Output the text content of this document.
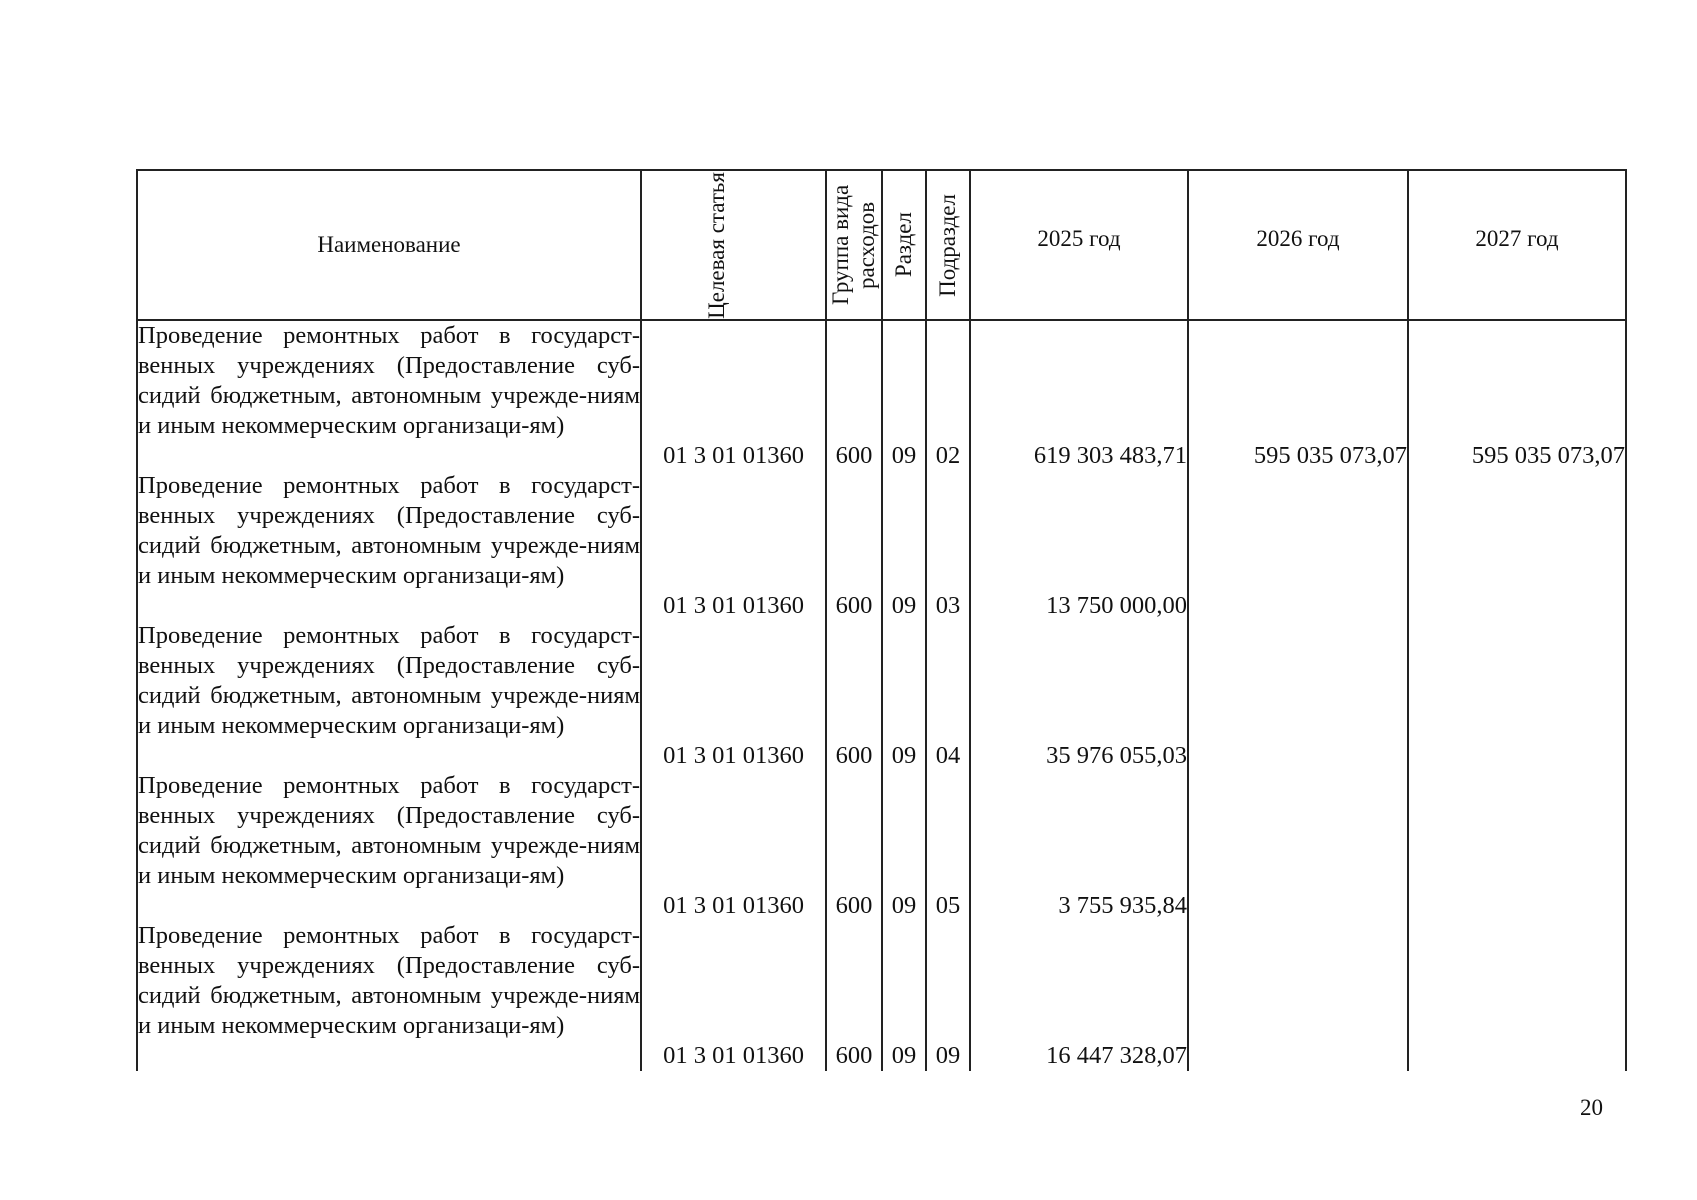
Наименование	Целевая статья	Группа вида расходов	Раздел	Подраздел	2025 год	2026 год	2027 год

Проведение ремонтных работ в государст-венных учреждениях (Предоставление суб-сидий бюджетным, автономным учрежде-ниям и иным некоммерческим организаци-ям)	01 3 01 01360	600	09	02	619 303 483,71	595 035 073,07	595 035 073,07
Проведение ремонтных работ в государст-венных учреждениях (Предоставление суб-сидий бюджетным, автономным учрежде-ниям и иным некоммерческим организаци-ям)	01 3 01 01360	600	09	03	13 750 000,00		
Проведение ремонтных работ в государст-венных учреждениях (Предоставление суб-сидий бюджетным, автономным учрежде-ниям и иным некоммерческим организаци-ям)	01 3 01 01360	600	09	04	35 976 055,03		
Проведение ремонтных работ в государст-венных учреждениях (Предоставление суб-сидий бюджетным, автономным учрежде-ниям и иным некоммерческим организаци-ям)	01 3 01 01360	600	09	05	3 755 935,84		
Проведение ремонтных работ в государст-венных учреждениях (Предоставление суб-сидий бюджетным, автономным учрежде-ниям и иным некоммерческим организаци-ям)	01 3 01 01360	600	09	09	16 447 328,07		
20
